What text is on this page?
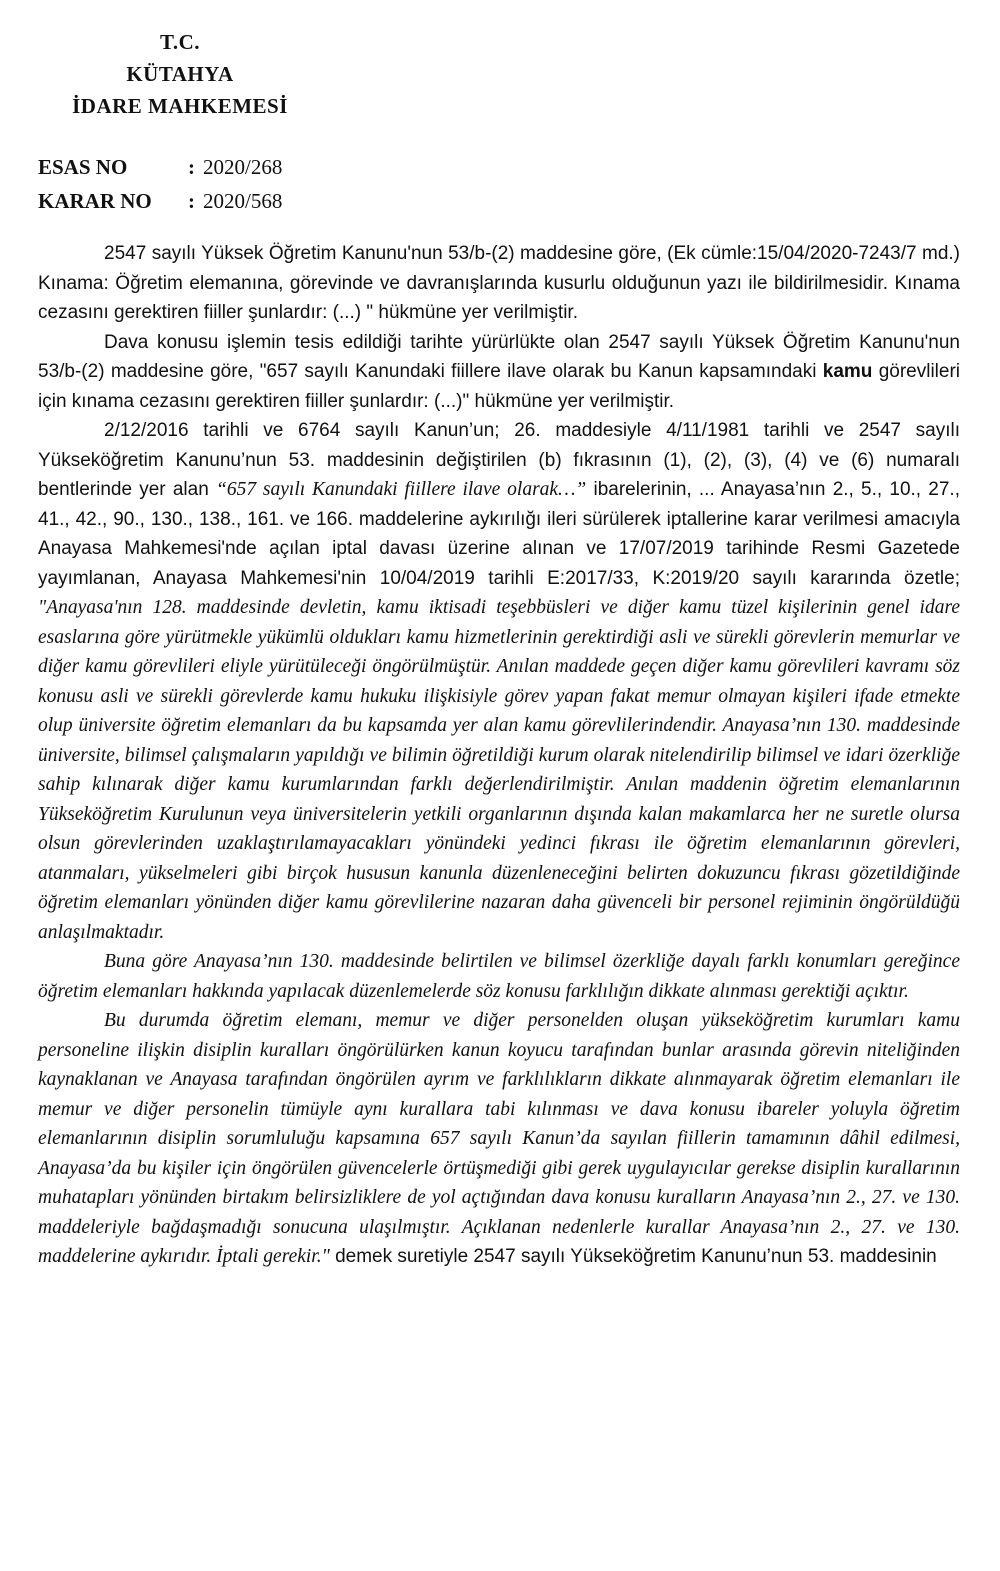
T.C.
KÜTAHYA
İDARE MAHKEMESİ
ESAS NO	: 2020/268
KARAR NO	: 2020/568

2547 sayılı Yüksek Öğretim Kanunu'nun 53/b-(2) maddesine göre, (Ek cümle:15/04/2020-7243/7 md.) Kınama: Öğretim elemanına, görevinde ve davranışlarında kusurlu olduğunun yazı ile bildirilmesidir. Kınama cezasını gerektiren fiiller şunlardır: (...) " hükmüne yer verilmiştir.

Dava konusu işlemin tesis edildiği tarihte yürürlükte olan 2547 sayılı Yüksek Öğretim Kanunu'nun 53/b-(2) maddesine göre, "657 sayılı Kanundaki fiillere ilave olarak bu Kanun kapsamındaki kamu görevlileri için kınama cezasını gerektiren fiiller şunlardır: (...)" hükmüne yer verilmiştir.

2/12/2016 tarihli ve 6764 sayılı Kanun’un; 26. maddesiyle 4/11/1981 tarihli ve 2547 sayılı Yükseköğretim Kanunu’nun 53. maddesinin değiştirilen (b) fıkrasının (1), (2), (3), (4) ve (6) numaralı bentlerinde yer alan “657 sayılı Kanundaki fiillere ilave olarak…” ibarelerinin, ... Anayasa’nın 2., 5., 10., 27., 41., 42., 90., 130., 138., 161. ve 166. maddelerine aykırılığı ileri sürülerek iptallerine karar verilmesi amacıyla Anayasa Mahkemesi'nde açılan iptal davası üzerine alınan ve 17/07/2019 tarihinde Resmi Gazetede yayımlanan, Anayasa Mahkemesi'nin 10/04/2019 tarihli E:2017/33, K:2019/20 sayılı kararında özetle; "Anayasa'nın 128. maddesinde devletin, kamu iktisadi teşebbüsleri ve diğer kamu tüzel kişilerinin genel idare esaslarına göre yürütmekle yükümlü oldukları kamu hizmetlerinin gerektirdiği asli ve sürekli görevlerin memurlar ve diğer kamu görevlileri eliyle yürütüleceği öngörülmüştür. Anılan maddede geçen diğer kamu görevlileri kavramı söz konusu asli ve sürekli görevlerde kamu hukuku ilişkisiyle görev yapan fakat memur olmayan kişileri ifade etmekte olup üniversite öğretim elemanları da bu kapsamda yer alan kamu görevlilerindendir. Anayasa’nın 130. maddesinde üniversite, bilimsel çalışmaların yapıldığı ve bilimin öğretildiği kurum olarak nitelendirilip bilimsel ve idari özerkliğe sahip kılınarak diğer kamu kurumlarından farklı değerlendirilmiştir. Anılan maddenin öğretim elemanlarının Yükseköğretim Kurulunun veya üniversitelerin yetkili organlarının dışında kalan makamlarca her ne suretle olursa olsun görevlerinden uzaklaştırılamayacakları yönündeki yedinci fıkrası ile öğretim elemanlarının görevleri, atanmaları, yükselmeleri gibi birçok hususun kanunla düzenleneceğini belirten dokuzuncu fıkrası gözetildiğinde öğretim elemanları yönünden diğer kamu görevlilerine nazaran daha güvenceli bir personel rejiminin öngörüldüğü anlaşılmaktadır.

Buna göre Anayasa’nın 130. maddesinde belirtilen ve bilimsel özerkliğe dayalı farklı konumları gereğince öğretim elemanları hakkında yapılacak düzenlemelerde söz konusu farklılığın dikkate alınması gerektiği açıktır.

Bu durumda öğretim elemanı, memur ve diğer personelden oluşan yükseköğretim kurumları kamu personeline ilişkin disiplin kuralları öngörülürken kanun koyucu tarafından bunlar arasında görevin niteliğinden kaynaklanan ve Anayasa tarafından öngörülen ayrım ve farklılıkların dikkate alınmayarak öğretim elemanları ile memur ve diğer personelin tümüyle aynı kurallara tabi kılınması ve dava konusu ibareler yoluyla öğretim elemanlarının disiplin sorumluluğu kapsamına 657 sayılı Kanun’da sayılan fiillerin tamamının dâhil edilmesi, Anayasa’da bu kişiler için öngörülen güvencelerle örtüşmediği gibi gerek uygulayıcılar gerekse disiplin kurallarının muhatapları yönünden birtakım belirsizliklere de yol açtığından dava konusu kuralların Anayasa’nın 2., 27. ve 130. maddeleriyle bağdaşmadığı sonucuna ulaşılmıştır. Açıklanan nedenlerle kurallar Anayasa’nın 2., 27. ve 130. maddelerine aykırıdır. İptali gerekir." demek suretiyle 2547 sayılı Yükseköğretim Kanunu’nun 53. maddesinin
